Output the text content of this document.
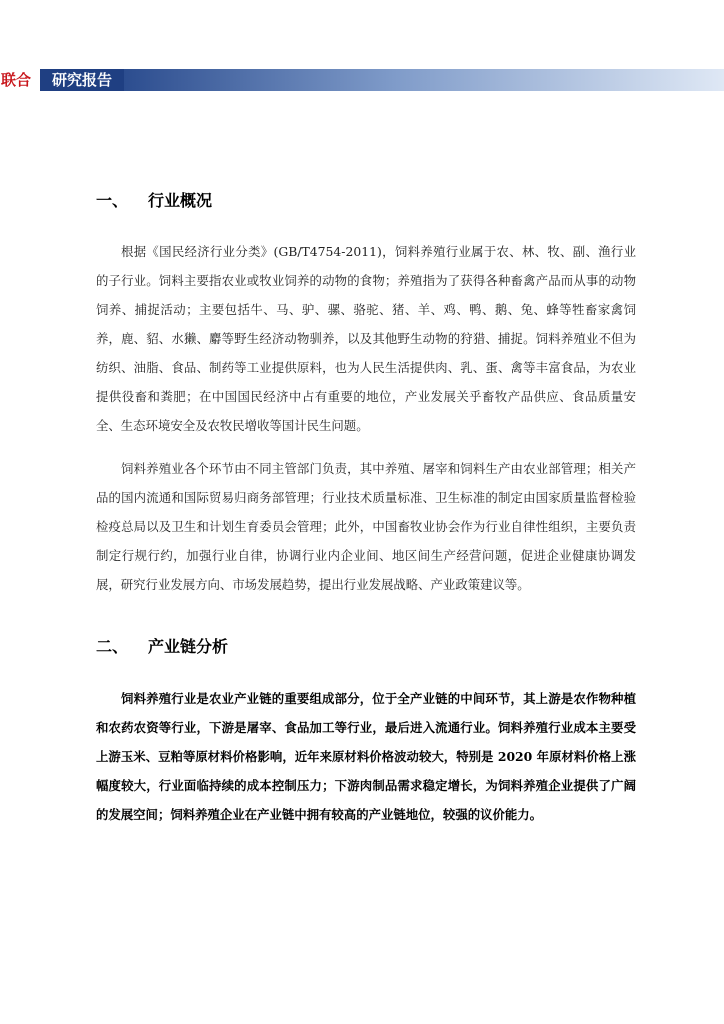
联合	研究报告
一、 行业概况

根据《国民经济行业分类》(GB/T4754-2011)，饲料养殖行业属于农、林、牧、副、渔行业的子行业。饲料主要指农业或牧业饲养的动物的食物；养殖指为了获得各种畜禽产品而从事的动物饲养、捕捉活动；主要包括牛、马、驴、骡、骆驼、猪、羊、鸡、鸭、鹅、兔、蜂等牲畜家禽饲养，鹿、貂、水獭、麝等野生经济动物驯养，以及其他野生动物的狩猎、捕捉。饲料养殖业不但为纺织、油脂、食品、制药等工业提供原料，也为人民生活提供肉、乳、蛋、禽等丰富食品，为农业提供役畜和粪肥；在中国国民经济中占有重要的地位，产业发展关乎畜牧产品供应、食品质量安全、生态环境安全及农牧民增收等国计民生问题。

饲料养殖业各个环节由不同主管部门负责，其中养殖、屠宰和饲料生产由农业部管理；相关产品的国内流通和国际贸易归商务部管理；行业技术质量标准、卫生标准的制定由国家质量监督检验检疫总局以及卫生和计划生育委员会管理；此外，中国畜牧业协会作为行业自律性组织，主要负责制定行规行约，加强行业自律，协调行业内企业间、地区间生产经营问题，促进企业健康协调发展，研究行业发展方向、市场发展趋势，提出行业发展战略、产业政策建议等。

二、 产业链分析

饲料养殖行业是农业产业链的重要组成部分，位于全产业链的中间环节，其上游是农作物种植和农药农资等行业，下游是屠宰、食品加工等行业，最后进入流通行业。饲料养殖行业成本主要受上游玉米、豆粕等原材料价格影响，近年来原材料价格波动较大，特别是 2020 年原材料价格上涨幅度较大，行业面临持续的成本控制压力；下游肉制品需求稳定增长，为饲料养殖企业提供了广阔的发展空间；饲料养殖企业在产业链中拥有较高的产业链地位，较强的议价能力。
